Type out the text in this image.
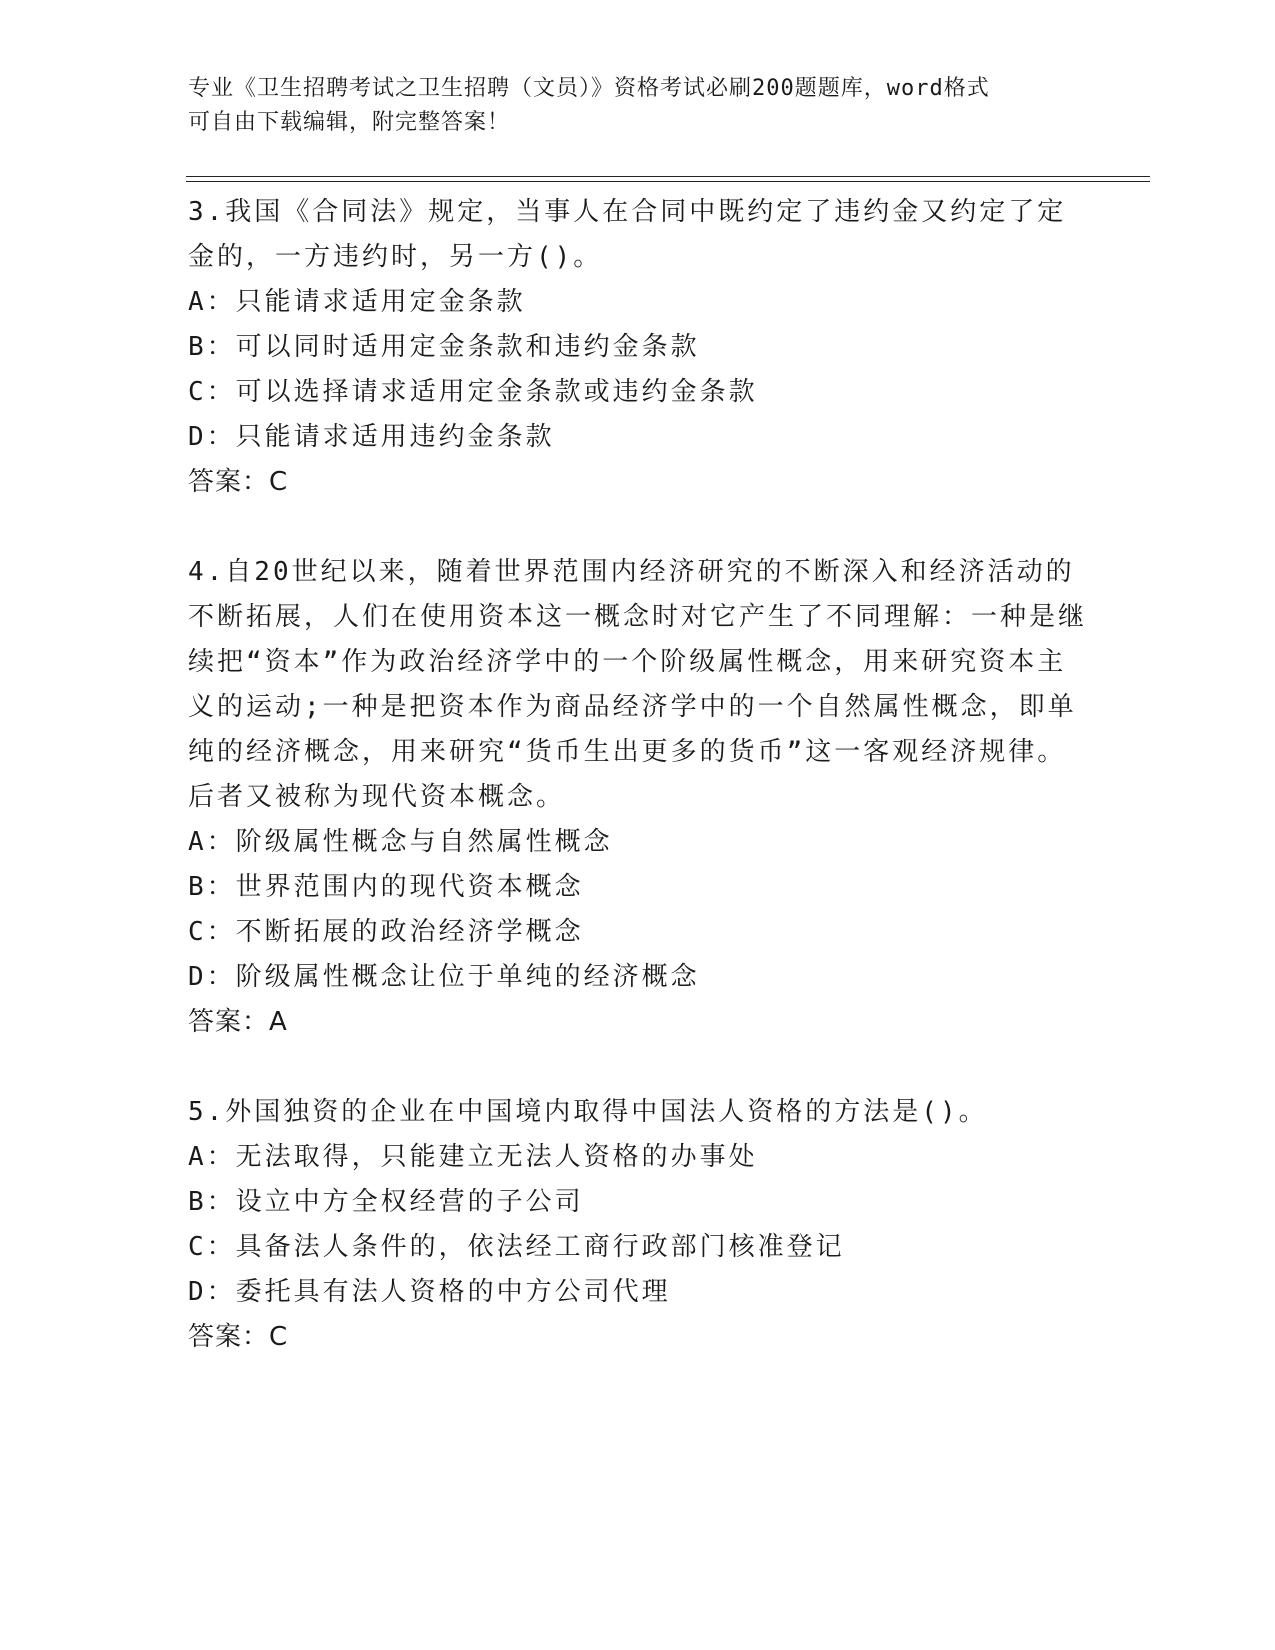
专业《卫生招聘考试之卫生招聘（文员）》资格考试必刷200题题库，word格式
可自由下载编辑，附完整答案！
3.我国《合同法》规定，当事人在合同中既约定了违约金又约定了定金的，一方违约时，另一方()。
A：只能请求适用定金条款
B：可以同时适用定金条款和违约金条款
C：可以选择请求适用定金条款或违约金条款
D：只能请求适用违约金条款
答案：C
4.自20世纪以来，随着世界范围内经济研究的不断深入和经济活动的不断拓展，人们在使用资本这一概念时对它产生了不同理解：一种是继续把“资本”作为政治经济学中的一个阶级属性概念，用来研究资本主义的运动;一种是把资本作为商品经济学中的一个自然属性概念，即单纯的经济概念，用来研究“货币生出更多的货币”这一客观经济规律。后者又被称为现代资本概念。
A：阶级属性概念与自然属性概念
B：世界范围内的现代资本概念
C：不断拓展的政治经济学概念
D：阶级属性概念让位于单纯的经济概念
答案：A
5.外国独资的企业在中国境内取得中国法人资格的方法是()。
A：无法取得，只能建立无法人资格的办事处
B：设立中方全权经营的子公司
C：具备法人条件的，依法经工商行政部门核准登记
D：委托具有法人资格的中方公司代理
答案：C
